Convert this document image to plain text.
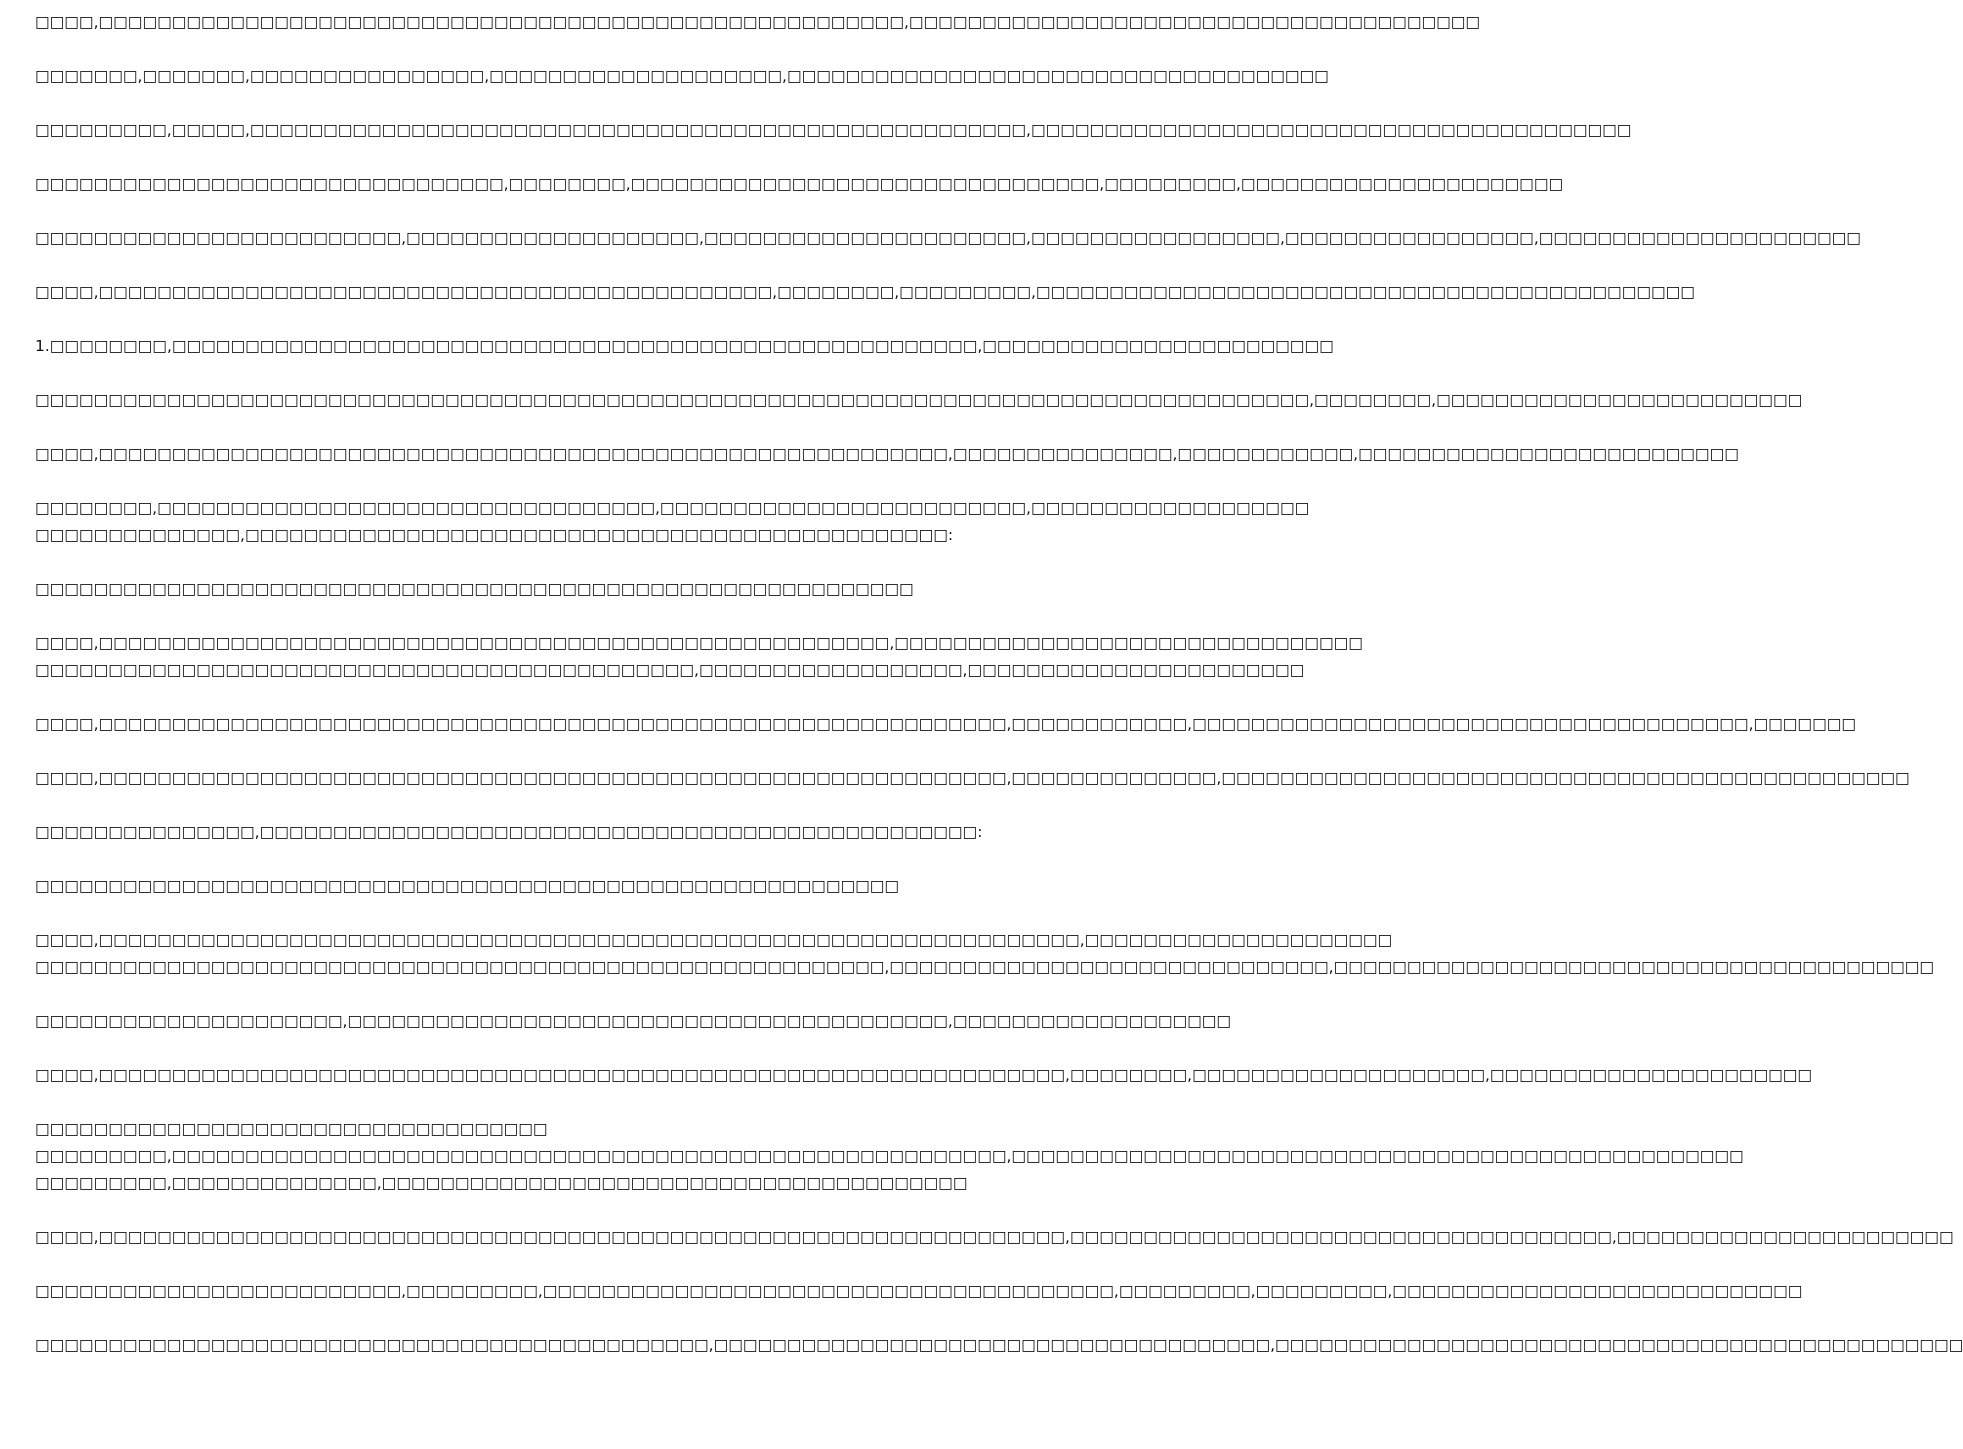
□□□□,□□□□□□□□□□□□□□□□□□□□□□□□□□□□□□□□□□□□□□□□□□□□□□□□□□□□□□□,□□□□□□□□□□□□□□□□□□□□□□□□□□□□□□□□□□□□□□□
□□□□□□□,□□□□□□□,□□□□□□□□□□□□□□□□,□□□□□□□□□□□□□□□□□□□□,□□□□□□□□□□□□□□□□□□□□□□□□□□□□□□□□□□□□□
□□□□□□□□□,□□□□□,□□□□□□□□□□□□□□□□□□□□□□□□□□□□□□□□□□□□□□□□□□□□□□□□□□□□□,□□□□□□□□□□□□□□□□□□□□□□□□□□□□□□□□□□□□□□□□□
□□□□□□□□□□□□□□□□□□□□□□□□□□□□□□□□,□□□□□□□□,□□□□□□□□□□□□□□□□□□□□□□□□□□□□□□□□,□□□□□□□□□,□□□□□□□□□□□□□□□□□□□□□□
□□□□□□□□□□□□□□□□□□□□□□□□□,□□□□□□□□□□□□□□□□□□□□,□□□□□□□□□□□□□□□□□□□□□□,□□□□□□□□□□□□□□□□□,□□□□□□□□□□□□□□□□□,□□□□□□□□□□□□□□□□□□□□□□
□□□□,□□□□□□□□□□□□□□□□□□□□□□□□□□□□□□□□□□□□□□□□□□□□□□,□□□□□□□□,□□□□□□□□□,□□□□□□□□□□□□□□□□□□□□□□□□□□□□□□□□□□□□□□□□□□□□□
1.□□□□□□□□,□□□□□□□□□□□□□□□□□□□□□□□□□□□□□□□□□□□□□□□□□□□□□□□□□□□□□□□,□□□□□□□□□□□□□□□□□□□□□□□□
□□□□□□□□□□□□□□□□□□□□□□□□□□□□□□□□□□□□□□□□□□□□□□□□□□□□□□□□□□□□□□□□□□□□□□□□□□□□□□□□□□□□□□□,□□□□□□□□,□□□□□□□□□□□□□□□□□□□□□□□□□
□□□□,□□□□□□□□□□□□□□□□□□□□□□□□□□□□□□□□□□□□□□□□□□□□□□□□□□□□□□□□□□,□□□□□□□□□□□□□□□,□□□□□□□□□□□□,□□□□□□□□□□□□□□□□□□□□□□□□□□
□□□□□□□□,□□□□□□□□□□□□□□□□□□□□□□□□□□□□□□□□□□,□□□□□□□□□□□□□□□□□□□□□□□□□,□□□□□□□□□□□□□□□□□□□
□□□□□□□□□□□□□□,□□□□□□□□□□□□□□□□□□□□□□□□□□□□□□□□□□□□□□□□□□□□□□□□:
□□□□□□□□□□□□□□□□□□□□□□□□□□□□□□□□□□□□□□□□□□□□□□□□□□□□□□□□□□□□
□□□□,□□□□□□□□□□□□□□□□□□□□□□□□□□□□□□□□□□□□□□□□□□□□□□□□□□□□□□,□□□□□□□□□□□□□□□□□□□□□□□□□□□□□□□□
□□□□□□□□□□□□□□□□□□□□□□□□□□□□□□□□□□□□□□□□□□□□□,□□□□□□□□□□□□□□□□□□,□□□□□□□□□□□□□□□□□□□□□□□
□□□□,□□□□□□□□□□□□□□□□□□□□□□□□□□□□□□□□□□□□□□□□□□□□□□□□□□□□□□□□□□□□□□,□□□□□□□□□□□□,□□□□□□□□□□□□□□□□□□□□□□□□□□□□□□□□□□□□□□,□□□□□□□
□□□□,□□□□□□□□□□□□□□□□□□□□□□□□□□□□□□□□□□□□□□□□□□□□□□□□□□□□□□□□□□□□□□,□□□□□□□□□□□□□□,□□□□□□□□□□□□□□□□□□□□□□□□□□□□□□□□□□□□□□□□□□□□□□□
□□□□□□□□□□□□□□□,□□□□□□□□□□□□□□□□□□□□□□□□□□□□□□□□□□□□□□□□□□□□□□□□□:
□□□□□□□□□□□□□□□□□□□□□□□□□□□□□□□□□□□□□□□□□□□□□□□□□□□□□□□□□□□
□□□□,□□□□□□□□□□□□□□□□□□□□□□□□□□□□□□□□□□□□□□□□□□□□□□□□□□□□□□□□□□□□□□□□□□□,□□□□□□□□□□□□□□□□□□□□□
□□□□□□□□□□□□□□□□□□□□□□□□□□□□□□□□□□□□□□□□□□□□□□□□□□□□□□□□□□,□□□□□□□□□□□□□□□□□□□□□□□□□□□□□□,□□□□□□□□□□□□□□□□□□□□□□□□□□□□□□□□□□□□□□□□□
□□□□□□□□□□□□□□□□□□□□□,□□□□□□□□□□□□□□□□□□□□□□□□□□□□□□□□□□□□□□□□□,□□□□□□□□□□□□□□□□□□□
□□□□,□□□□□□□□□□□□□□□□□□□□□□□□□□□□□□□□□□□□□□□□□□□□□□□□□□□□□□□□□□□□□□□□□□,□□□□□□□□,□□□□□□□□□□□□□□□□□□□□,□□□□□□□□□□□□□□□□□□□□□□
□□□□□□□□□□□□□□□□□□□□□□□□□□□□□□□□□□□
□□□□□□□□□,□□□□□□□□□□□□□□□□□□□□□□□□□□□□□□□□□□□□□□□□□□□□□□□□□□□□□□□□□,□□□□□□□□□□□□□□□□□□□□□□□□□□□□□□□□□□□□□□□□□□□□□□□□□□
□□□□□□□□□,□□□□□□□□□□□□□□,□□□□□□□□□□□□□□□□□□□□□□□□□□□□□□□□□□□□□□□□
□□□□,□□□□□□□□□□□□□□□□□□□□□□□□□□□□□□□□□□□□□□□□□□□□□□□□□□□□□□□□□□□□□□□□□□,□□□□□□□□□□□□□□□□□□□□□□□□□□□□□□□□□□□□□,□□□□□□□□□□□□□□□□□□□□□□□
□□□□□□□□□□□□□□□□□□□□□□□□□,□□□□□□□□□,□□□□□□□□□□□□□□□□□□□□□□□□□□□□□□□□□□□□□□□,□□□□□□□□□,□□□□□□□□□,□□□□□□□□□□□□□□□□□□□□□□□□□□□□
□□□□□□□□□□□□□□□□□□□□□□□□□□□□□□□□□□□□□□□□□□□□□□,□□□□□□□□□□□□□□□□□□□□□□□□□□□□□□□□□□□□□□,□□□□□□□□□□□□□□□□□□□□□□□□□□□□□□□□□□□□□□□□□□□□□□□
